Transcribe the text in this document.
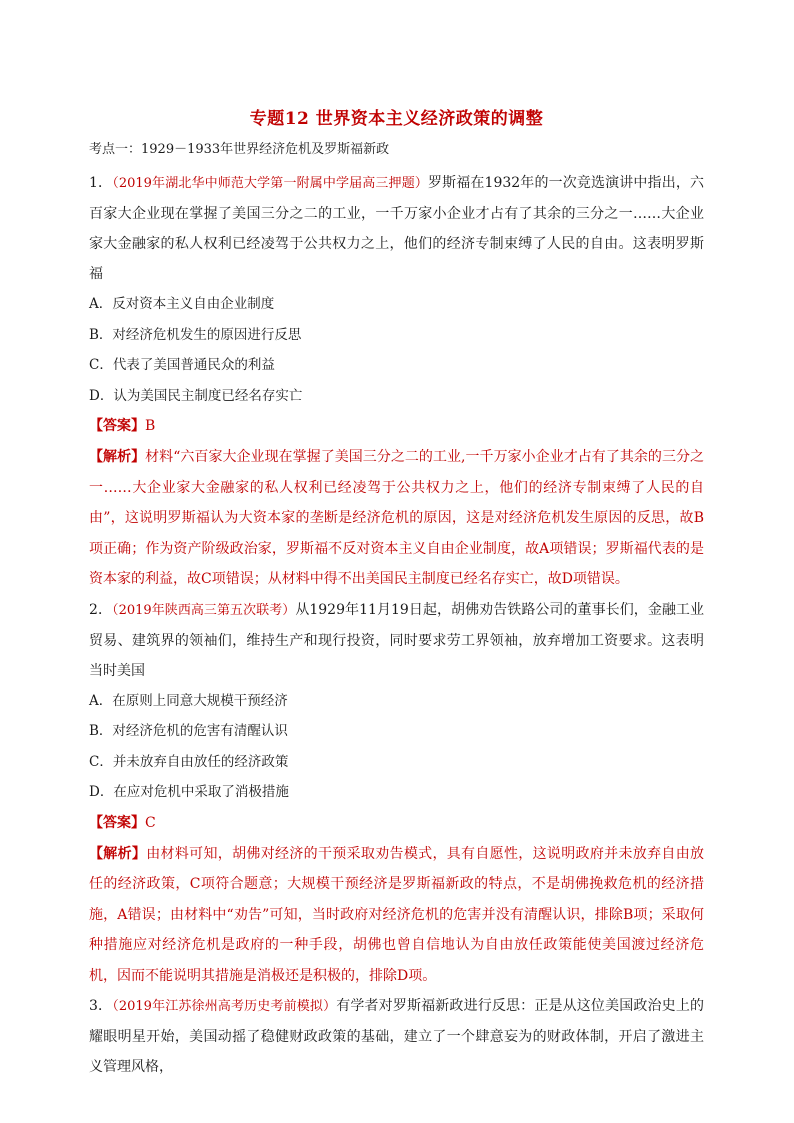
专题12 世界资本主义经济政策的调整
考点一：1929－1933年世界经济危机及罗斯福新政
1．（2019年湖北华中师范大学第一附属中学届高三押题）罗斯福在1932年的一次竞选演讲中指出，六百家大企业现在掌握了美国三分之二的工业，一千万家小企业才占有了其余的三分之一……大企业家大金融家的私人权利已经凌驾于公共权力之上，他们的经济专制束缚了人民的自由。这表明罗斯福
A．反对资本主义自由企业制度
B．对经济危机发生的原因进行反思
C．代表了美国普通民众的利益
D．认为美国民主制度已经名存实亡
【答案】B
【解析】材料“六百家大企业现在掌握了美国三分之二的工业,一千万家小企业才占有了其余的三分之一……大企业家大金融家的私人权利已经凌驾于公共权力之上，他们的经济专制束缚了人民的自由”，这说明罗斯福认为大资本家的垄断是经济危机的原因，这是对经济危机发生原因的反思，故B项正确；作为资产阶级政治家，罗斯福不反对资本主义自由企业制度，故A项错误；罗斯福代表的是资本家的利益，故C项错误；从材料中得不出美国民主制度已经名存实亡，故D项错误。
2．（2019年陕西高三第五次联考）从1929年11月19日起，胡佛劝告铁路公司的董事长们，金融工业贸易、建筑界的领袖们，维持生产和现行投资，同时要求劳工界领袖，放弃增加工资要求。这表明当时美国
A．在原则上同意大规模干预经济
B．对经济危机的危害有清醒认识
C．并未放弃自由放任的经济政策
D．在应对危机中采取了消极措施
【答案】C
【解析】由材料可知，胡佛对经济的干预采取劝告模式，具有自愿性，这说明政府并未放弃自由放任的经济政策，C项符合题意；大规模干预经济是罗斯福新政的特点，不是胡佛挽救危机的经济措施，A错误；由材料中“劝告”可知，当时政府对经济危机的危害并没有清醒认识，排除B项；采取何种措施应对经济危机是政府的一种手段，胡佛也曾自信地认为自由放任政策能使美国渡过经济危机，因而不能说明其措施是消极还是积极的，排除D项。
3．（2019年江苏徐州高考历史考前模拟）有学者对罗斯福新政进行反思：正是从这位美国政治史上的耀眼明星开始，美国动摇了稳健财政政策的基础，建立了一个肆意妄为的财政体制，开启了激进主义管理风格，
